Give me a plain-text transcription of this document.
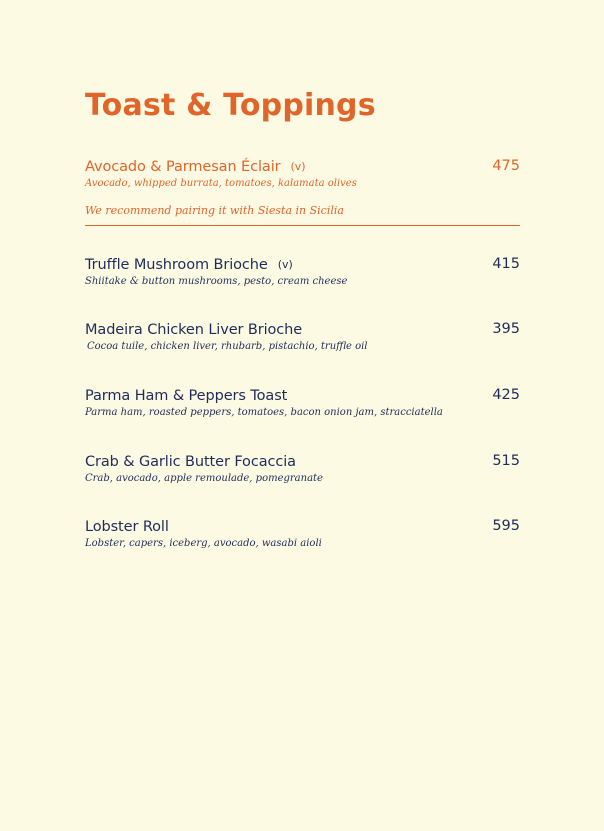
Toast & Toppings
Avocado & Parmesan Éclair (v)	475
Avocado, whipped burrata, tomatoes, kalamata olives
We recommend pairing it with Siesta in Sicilia
Truffle Mushroom Brioche (v)	415
Shiitake & button mushrooms, pesto, cream cheese
Madeira Chicken Liver Brioche	395
Cocoa tuile, chicken liver, rhubarb, pistachio, truffle oil
Parma Ham & Peppers Toast	425
Parma ham, roasted peppers, tomatoes, bacon onion jam, stracciatella
Crab & Garlic Butter Focaccia	515
Crab, avocado, apple remoulade, pomegranate
Lobster Roll	595
Lobster, capers, iceberg, avocado, wasabi aioli
